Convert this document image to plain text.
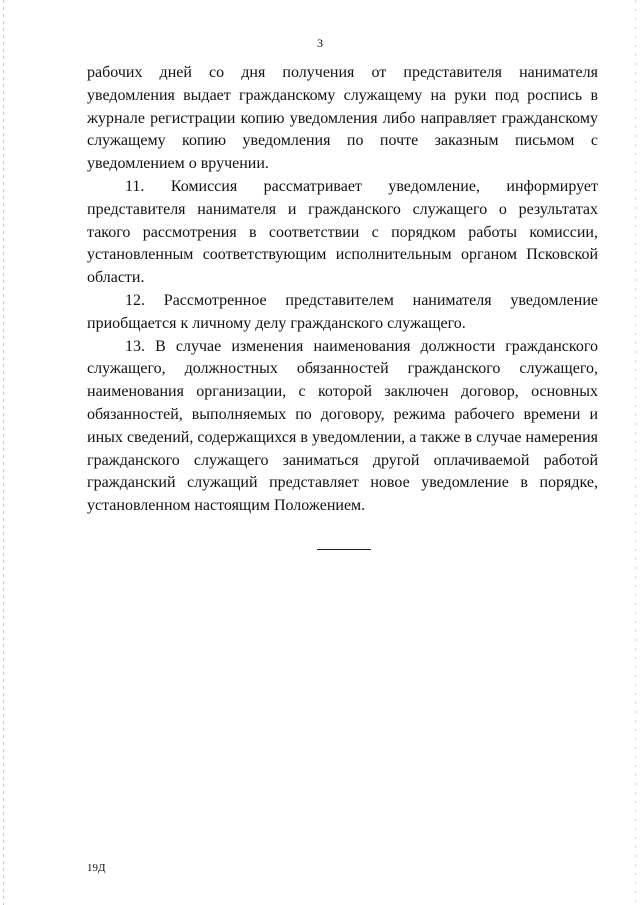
3

рабочих дней со дня получения от представителя нанимателя уведомления выдает гражданскому служащему на руки под роспись в журнале регистрации копию уведомления либо направляет гражданскому служащему копию уведомления по почте заказным письмом с уведомлением о вручении.

11. Комиссия рассматривает уведомление, информирует представителя нанимателя и гражданского служащего о результатах такого рассмотрения в соответствии с порядком работы комиссии, установленным соответствующим исполнительным органом Псковской области.

12. Рассмотренное представителем нанимателя уведомление приобщается к личному делу гражданского служащего.

13. В случае изменения наименования должности гражданского служащего, должностных обязанностей гражданского служащего, наименования организации, с которой заключен договор, основных обязанностей, выполняемых по договору, режима рабочего времени и иных сведений, содержащихся в уведомлении, а также в случае намерения гражданского служащего заниматься другой оплачиваемой работой гражданский служащий представляет новое уведомление в порядке, установленном настоящим Положением.

19Д
